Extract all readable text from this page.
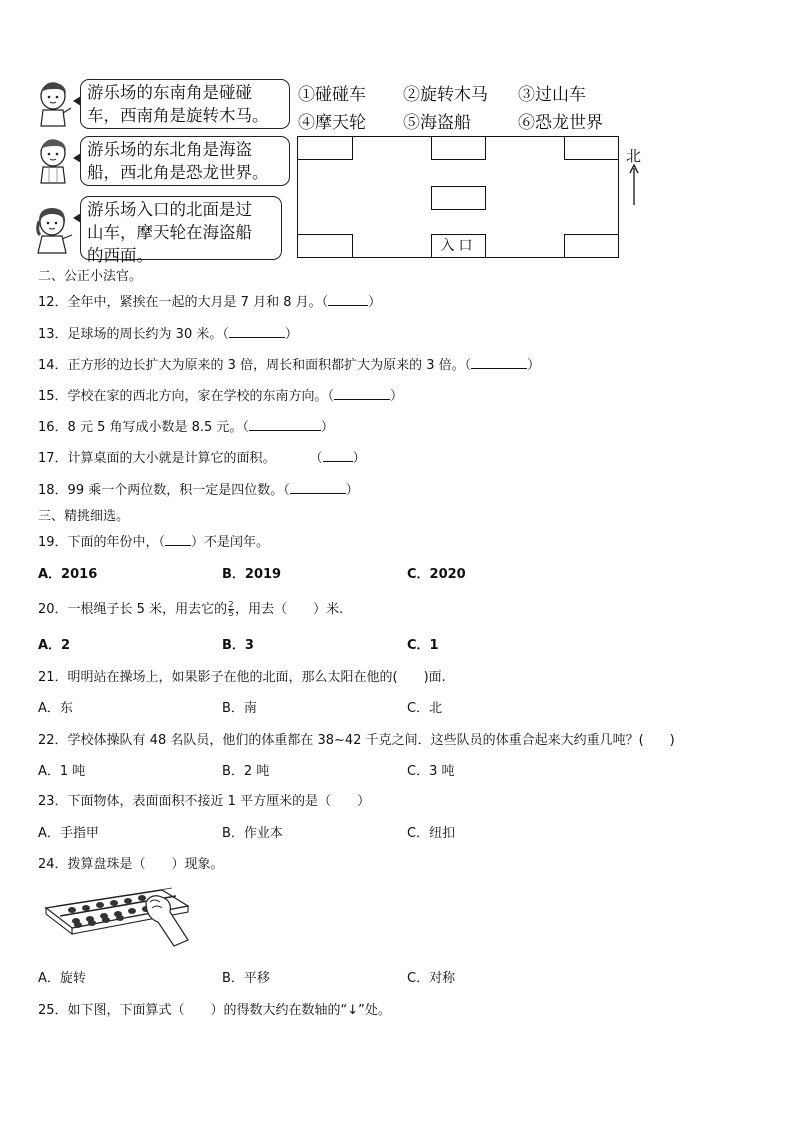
游乐场的东南角是碰碰
车，西南角是旋转木马。
游乐场的东北角是海盗
船，西北角是恐龙世界。
游乐场入口的北面是过
山车，摩天轮在海盗船
的西面。
①碰碰车 ②旋转木马 ③过山车
④摩天轮 ⑤海盗船	⑥恐龙世界
入口
北
二、公正小法官。
12．全年中，紧挨在一起的大月是 7 月和 8 月。（	）
13．足球场的周长约为 30 米。（	）
14．正方形的边长扩大为原来的 3 倍，周长和面积都扩大为原来的 3 倍。（	）
15．学校在家的西北方向，家在学校的东南方向。（	）
16．8 元 5 角写成小数是 8.5 元。（	）
17．计算桌面的大小就是计算它的面积。	（ ）
18．99 乘一个两位数，积一定是四位数。（	）
三、精挑细选。
19．下面的年份中，（ ）不是闰年。
A．2016	B．2019	C．2020
20．一根绳子长 5 米，用去它的 $\frac{2}{5}$ ，用去（　　）米.
A．2	B．3	C．1
21．明明站在操场上，如果影子在他的北面，那么太阳在他的(　　)面.
A．东	B．南	C．北
22．学校体操队有 48 名队员，他们的体重都在 38~42 千克之间．这些队员的体重合起来大约重几吨？(　　)
A．1 吨	B．2 吨	C．3 吨
23．下面物体，表面面积不接近 1 平方厘米的是（　　）
A．手指甲	B．作业本	C．纽扣
24．拨算盘珠是（　　）现象。
A．旋转	B．平移	C．对称
25．如下图，下面算式（　　）的得数大约在数轴的“↓”处。
